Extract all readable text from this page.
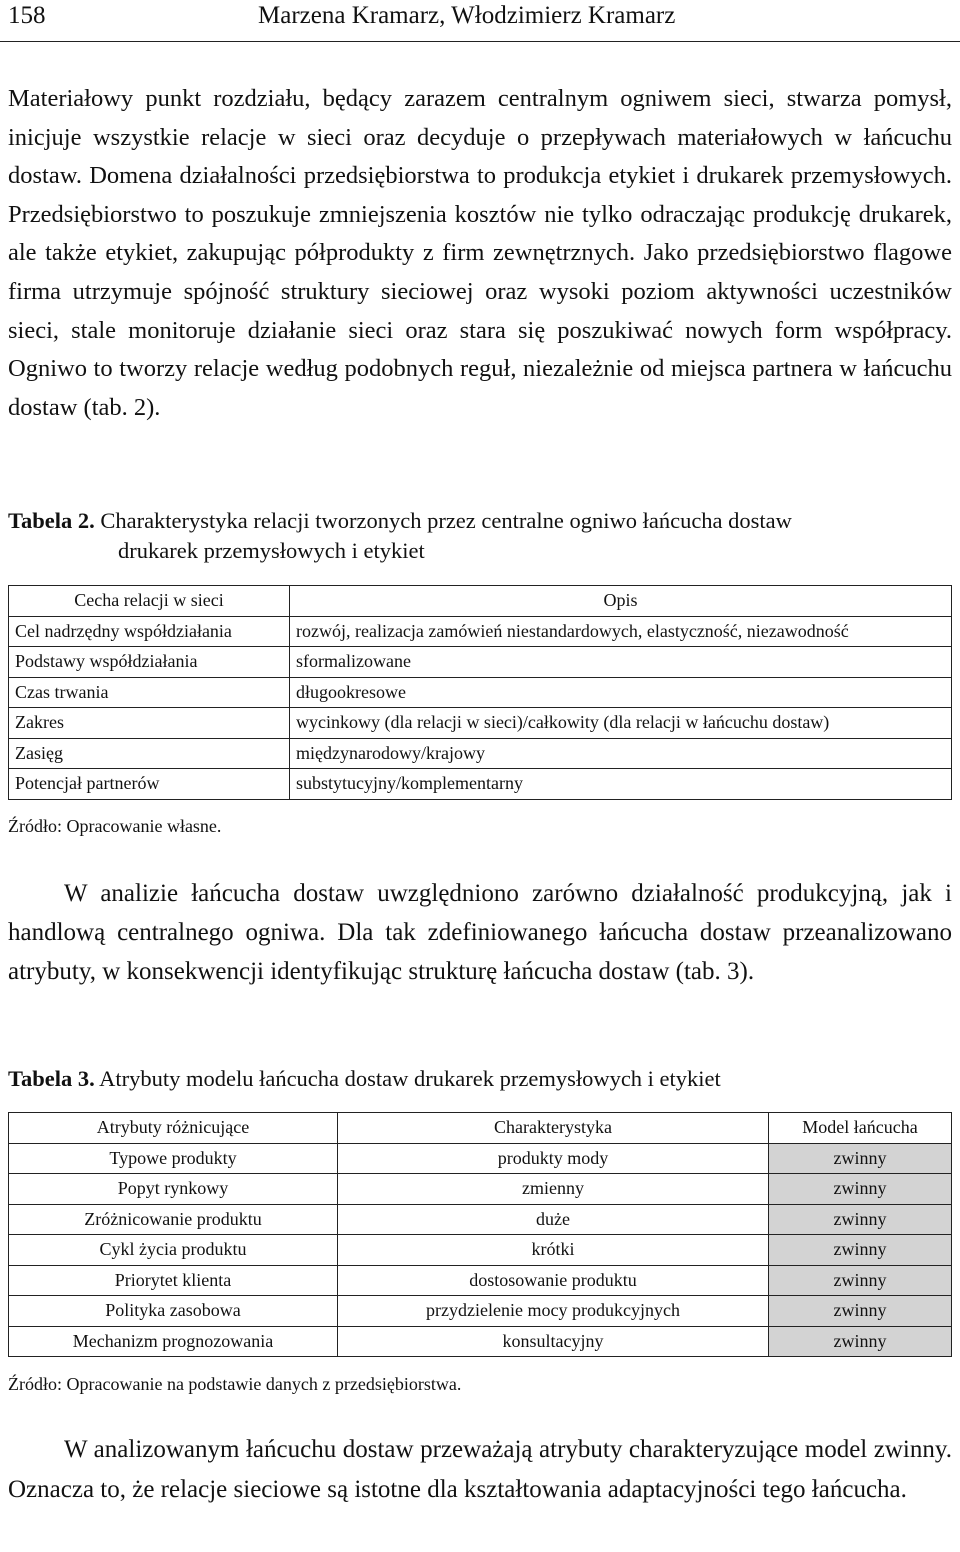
158	Marzena Kramarz, Włodzimierz Kramarz

Materiałowy punkt rozdziału, będący zarazem centralnym ogniwem sieci, stwarza pomysł, inicjuje wszystkie relacje w sieci oraz decyduje o przepływach materiałowych w łańcuchu dostaw. Domena działalności przedsiębiorstwa to produkcja etykiet i drukarek przemysłowych. Przedsiębiorstwo to poszukuje zmniejszenia kosztów nie tylko odraczając produkcję drukarek, ale także etykiet, zakupując półprodukty z firm zewnętrznych. Jako przedsiębiorstwo flagowe firma utrzymuje spójność struktury sieciowej oraz wysoki poziom aktywności uczestników sieci, stale monitoruje działanie sieci oraz stara się poszukiwać nowych form współpracy. Ogniwo to tworzy relacje według podobnych reguł, niezależnie od miejsca partnera w łańcuchu dostaw (tab. 2).

Tabela 2. Charakterystyka relacji tworzonych przez centralne ogniwo łańcucha dostaw
drukarek przemysłowych i etykiet
Cecha relacji w sieci	Opis
Cel nadrzędny współdziałania	rozwój, realizacja zamówień niestandardowych, elastyczność, niezawodność
Podstawy współdziałania	sformalizowane
Czas trwania	długookresowe
Zakres	wycinkowy (dla relacji w sieci)/całkowity (dla relacji w łańcuchu dostaw)
Zasięg	międzynarodowy/krajowy
Potencjał partnerów	substytucyjny/komplementarny
Źródło: Opracowanie własne.

W analizie łańcucha dostaw uwzględniono zarówno działalność produkcyjną, jak i handlową centralnego ogniwa. Dla tak zdefiniowanego łańcucha dostaw przeanalizowano atrybuty, w konsekwencji identyfikując strukturę łańcucha dostaw (tab. 3).

Tabela 3. Atrybuty modelu łańcucha dostaw drukarek przemysłowych i etykiet
Atrybuty różnicujące	Charakterystyka	Model łańcucha
Typowe produkty	produkty mody	zwinny
Popyt rynkowy	zmienny	zwinny
Zróżnicowanie produktu	duże	zwinny
Cykl życia produktu	krótki	zwinny
Priorytet klienta	dostosowanie produktu	zwinny
Polityka zasobowa	przydzielenie mocy produkcyjnych	zwinny
Mechanizm prognozowania	konsultacyjny	zwinny
Źródło: Opracowanie na podstawie danych z przedsiębiorstwa.

W analizowanym łańcuchu dostaw przeważają atrybuty charakteryzujące model zwinny. Oznacza to, że relacje sieciowe są istotne dla kształtowania adaptacyjności tego łańcucha.
